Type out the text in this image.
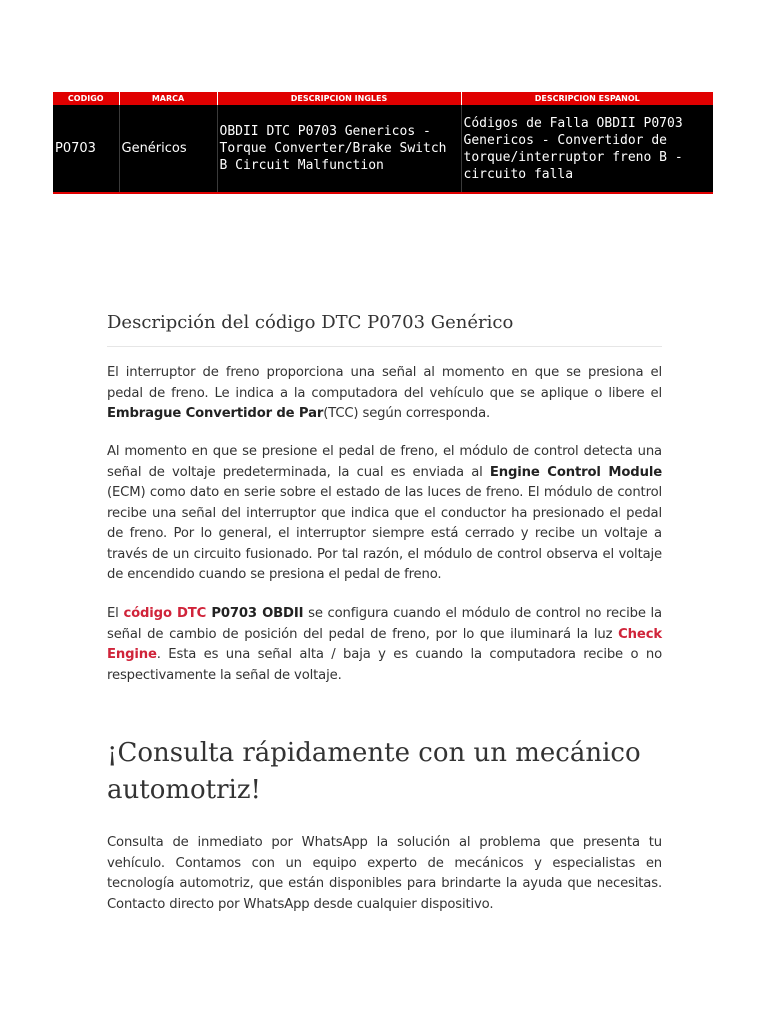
CODIGO	MARCA	DESCRIPCION INGLES	DESCRIPCION ESPANOL
P0703	Genéricos	OBDII DTC P0703 Genericos - Torque Converter/Brake Switch B Circuit Malfunction	Códigos de Falla OBDII P0703 Genericos - Convertidor de torque/interruptor freno B - circuito falla
Descripción del código DTC P0703 Genérico

El interruptor de freno proporciona una señal al momento en que se presiona el pedal de freno. Le indica a la computadora del vehículo que se aplique o libere el Embrague Convertidor de Par(TCC) según corresponda.

Al momento en que se presione el pedal de freno, el módulo de control detecta una señal de voltaje predeterminada, la cual es enviada al Engine Control Module (ECM) como dato en serie sobre el estado de las luces de freno. El módulo de control recibe una señal del interruptor que indica que el conductor ha presionado el pedal de freno. Por lo general, el interruptor siempre está cerrado y recibe un voltaje a través de un circuito fusionado. Por tal razón, el módulo de control observa el voltaje de encendido cuando se presiona el pedal de freno.

El código DTC P0703 OBDII se configura cuando el módulo de control no recibe la señal de cambio de posición del pedal de freno, por lo que iluminará la luz Check Engine. Esta es una señal alta / baja y es cuando la computadora recibe o no respectivamente la señal de voltaje.

¡Consulta rápidamente con un mecánico automotriz!

Consulta de inmediato por WhatsApp la solución al problema que presenta tu vehículo. Contamos con un equipo experto de mecánicos y especialistas en tecnología automotriz, que están disponibles para brindarte la ayuda que necesitas. Contacto directo por WhatsApp desde cualquier dispositivo.
